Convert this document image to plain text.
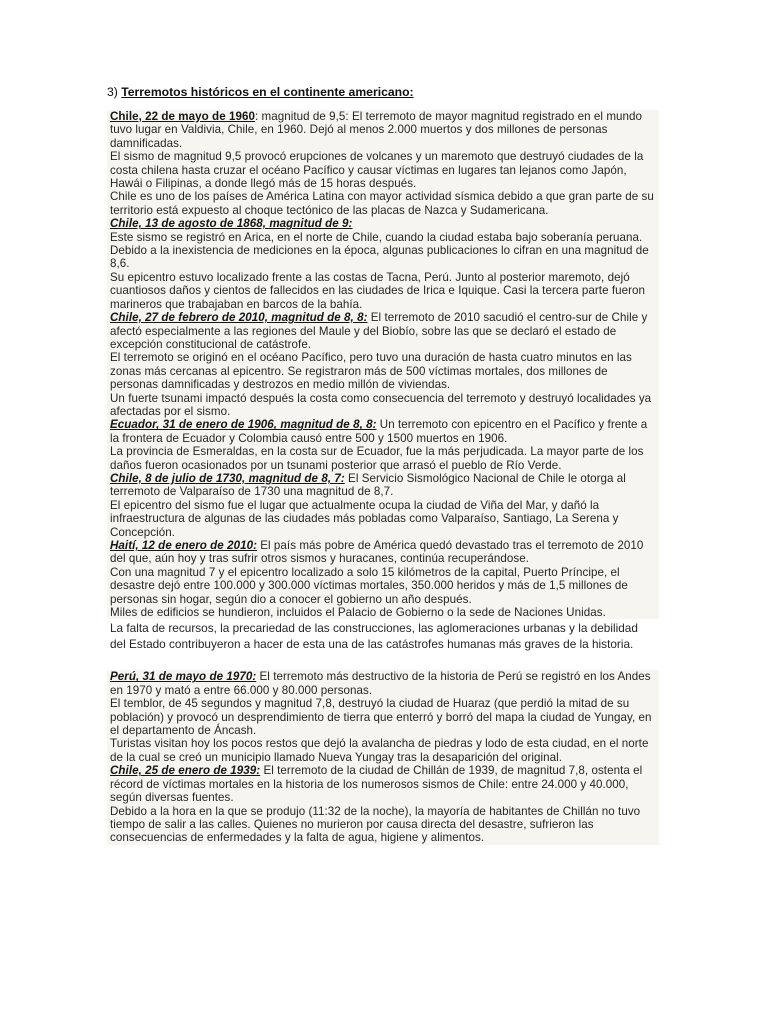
3) Terremotos históricos en el continente americano:

Chile, 22 de mayo de 1960: magnitud de 9,5: El terremoto de mayor magnitud registrado en el mundo tuvo lugar en Valdivia, Chile, en 1960. Dejó al menos 2.000 muertos y dos millones de personas damnificadas.

El sismo de magnitud 9,5 provocó erupciones de volcanes y un maremoto que destruyó ciudades de la costa chilena hasta cruzar el océano Pacífico y causar víctimas en lugares tan lejanos como Japón, Hawái o Filipinas, a donde llegó más de 15 horas después.

Chile es uno de los países de América Latina con mayor actividad sísmica debido a que gran parte de su territorio está expuesto al choque tectónico de las placas de Nazca y Sudamericana.

Chile, 13 de agosto de 1868, magnitud de 9:

Este sismo se registró en Arica, en el norte de Chile, cuando la ciudad estaba bajo soberanía peruana. Debido a la inexistencia de mediciones en la época, algunas publicaciones lo cifran en una magnitud de 8,6.

Su epicentro estuvo localizado frente a las costas de Tacna, Perú. Junto al posterior maremoto, dejó cuantiosos daños y cientos de fallecidos en las ciudades de Irica e Iquique. Casi la tercera parte fueron marineros que trabajaban en barcos de la bahía.

Chile, 27 de febrero de 2010, magnitud de 8, 8: El terremoto de 2010 sacudió el centro-sur de Chile y afectó especialmente a las regiones del Maule y del Biobío, sobre las que se declaró el estado de excepción constitucional de catástrofe.

El terremoto se originó en el océano Pacífico, pero tuvo una duración de hasta cuatro minutos en las zonas más cercanas al epicentro. Se registraron más de 500 víctimas mortales, dos millones de personas damnificadas y destrozos en medio millón de viviendas.

Un fuerte tsunami impactó después la costa como consecuencia del terremoto y destruyó localidades ya afectadas por el sismo.

Ecuador, 31 de enero de 1906, magnitud de 8, 8: Un terremoto con epicentro en el Pacífico y frente a la frontera de Ecuador y Colombia causó entre 500 y 1500 muertos en 1906.

La provincia de Esmeraldas, en la costa sur de Ecuador, fue la más perjudicada. La mayor parte de los daños fueron ocasionados por un tsunami posterior que arrasó el pueblo de Río Verde.

Chile, 8 de julio de 1730, magnitud de 8, 7: El Servicio Sismológico Nacional de Chile le otorga al terremoto de Valparaíso de 1730 una magnitud de 8,7.

El epicentro del sismo fue el lugar que actualmente ocupa la ciudad de Viña del Mar, y dañó la infraestructura de algunas de las ciudades más pobladas como Valparaíso, Santiago, La Serena y Concepción.

Haití, 12 de enero de 2010: El país más pobre de América quedó devastado tras el terremoto de 2010 del que, aún hoy y tras sufrir otros sismos y huracanes, continúa recuperándose.

Con una magnitud 7 y el epicentro localizado a solo 15 kilómetros de la capital, Puerto Príncipe, el desastre dejó entre 100.000 y 300.000 víctimas mortales, 350.000 heridos y más de 1,5 millones de personas sin hogar, según dio a conocer el gobierno un año después.

Miles de edificios se hundieron, incluidos el Palacio de Gobierno o la sede de Naciones Unidas.

La falta de recursos, la precariedad de las construcciones, las aglomeraciones urbanas y la debilidad del Estado contribuyeron a hacer de esta una de las catástrofes humanas más graves de la historia.

Perú, 31 de mayo de 1970: El terremoto más destructivo de la historia de Perú se registró en los Andes en 1970 y mató a entre 66.000 y 80.000 personas.

El temblor, de 45 segundos y magnitud 7,8, destruyó la ciudad de Huaraz (que perdió la mitad de su población) y provocó un desprendimiento de tierra que enterró y borró del mapa la ciudad de Yungay, en el departamento de Áncash.

Turistas visitan hoy los pocos restos que dejó la avalancha de piedras y lodo de esta ciudad, en el norte de la cual se creó un municipio llamado Nueva Yungay tras la desaparición del original.

Chile, 25 de enero de 1939: El terremoto de la ciudad de Chillán de 1939, de magnitud 7,8, ostenta el récord de víctimas mortales en la historia de los numerosos sismos de Chile: entre 24.000 y 40.000, según diversas fuentes.

Debido a la hora en la que se produjo (11:32 de la noche), la mayoría de habitantes de Chillán no tuvo tiempo de salir a las calles. Quienes no murieron por causa directa del desastre, sufrieron las consecuencias de enfermedades y la falta de agua, higiene y alimentos.
